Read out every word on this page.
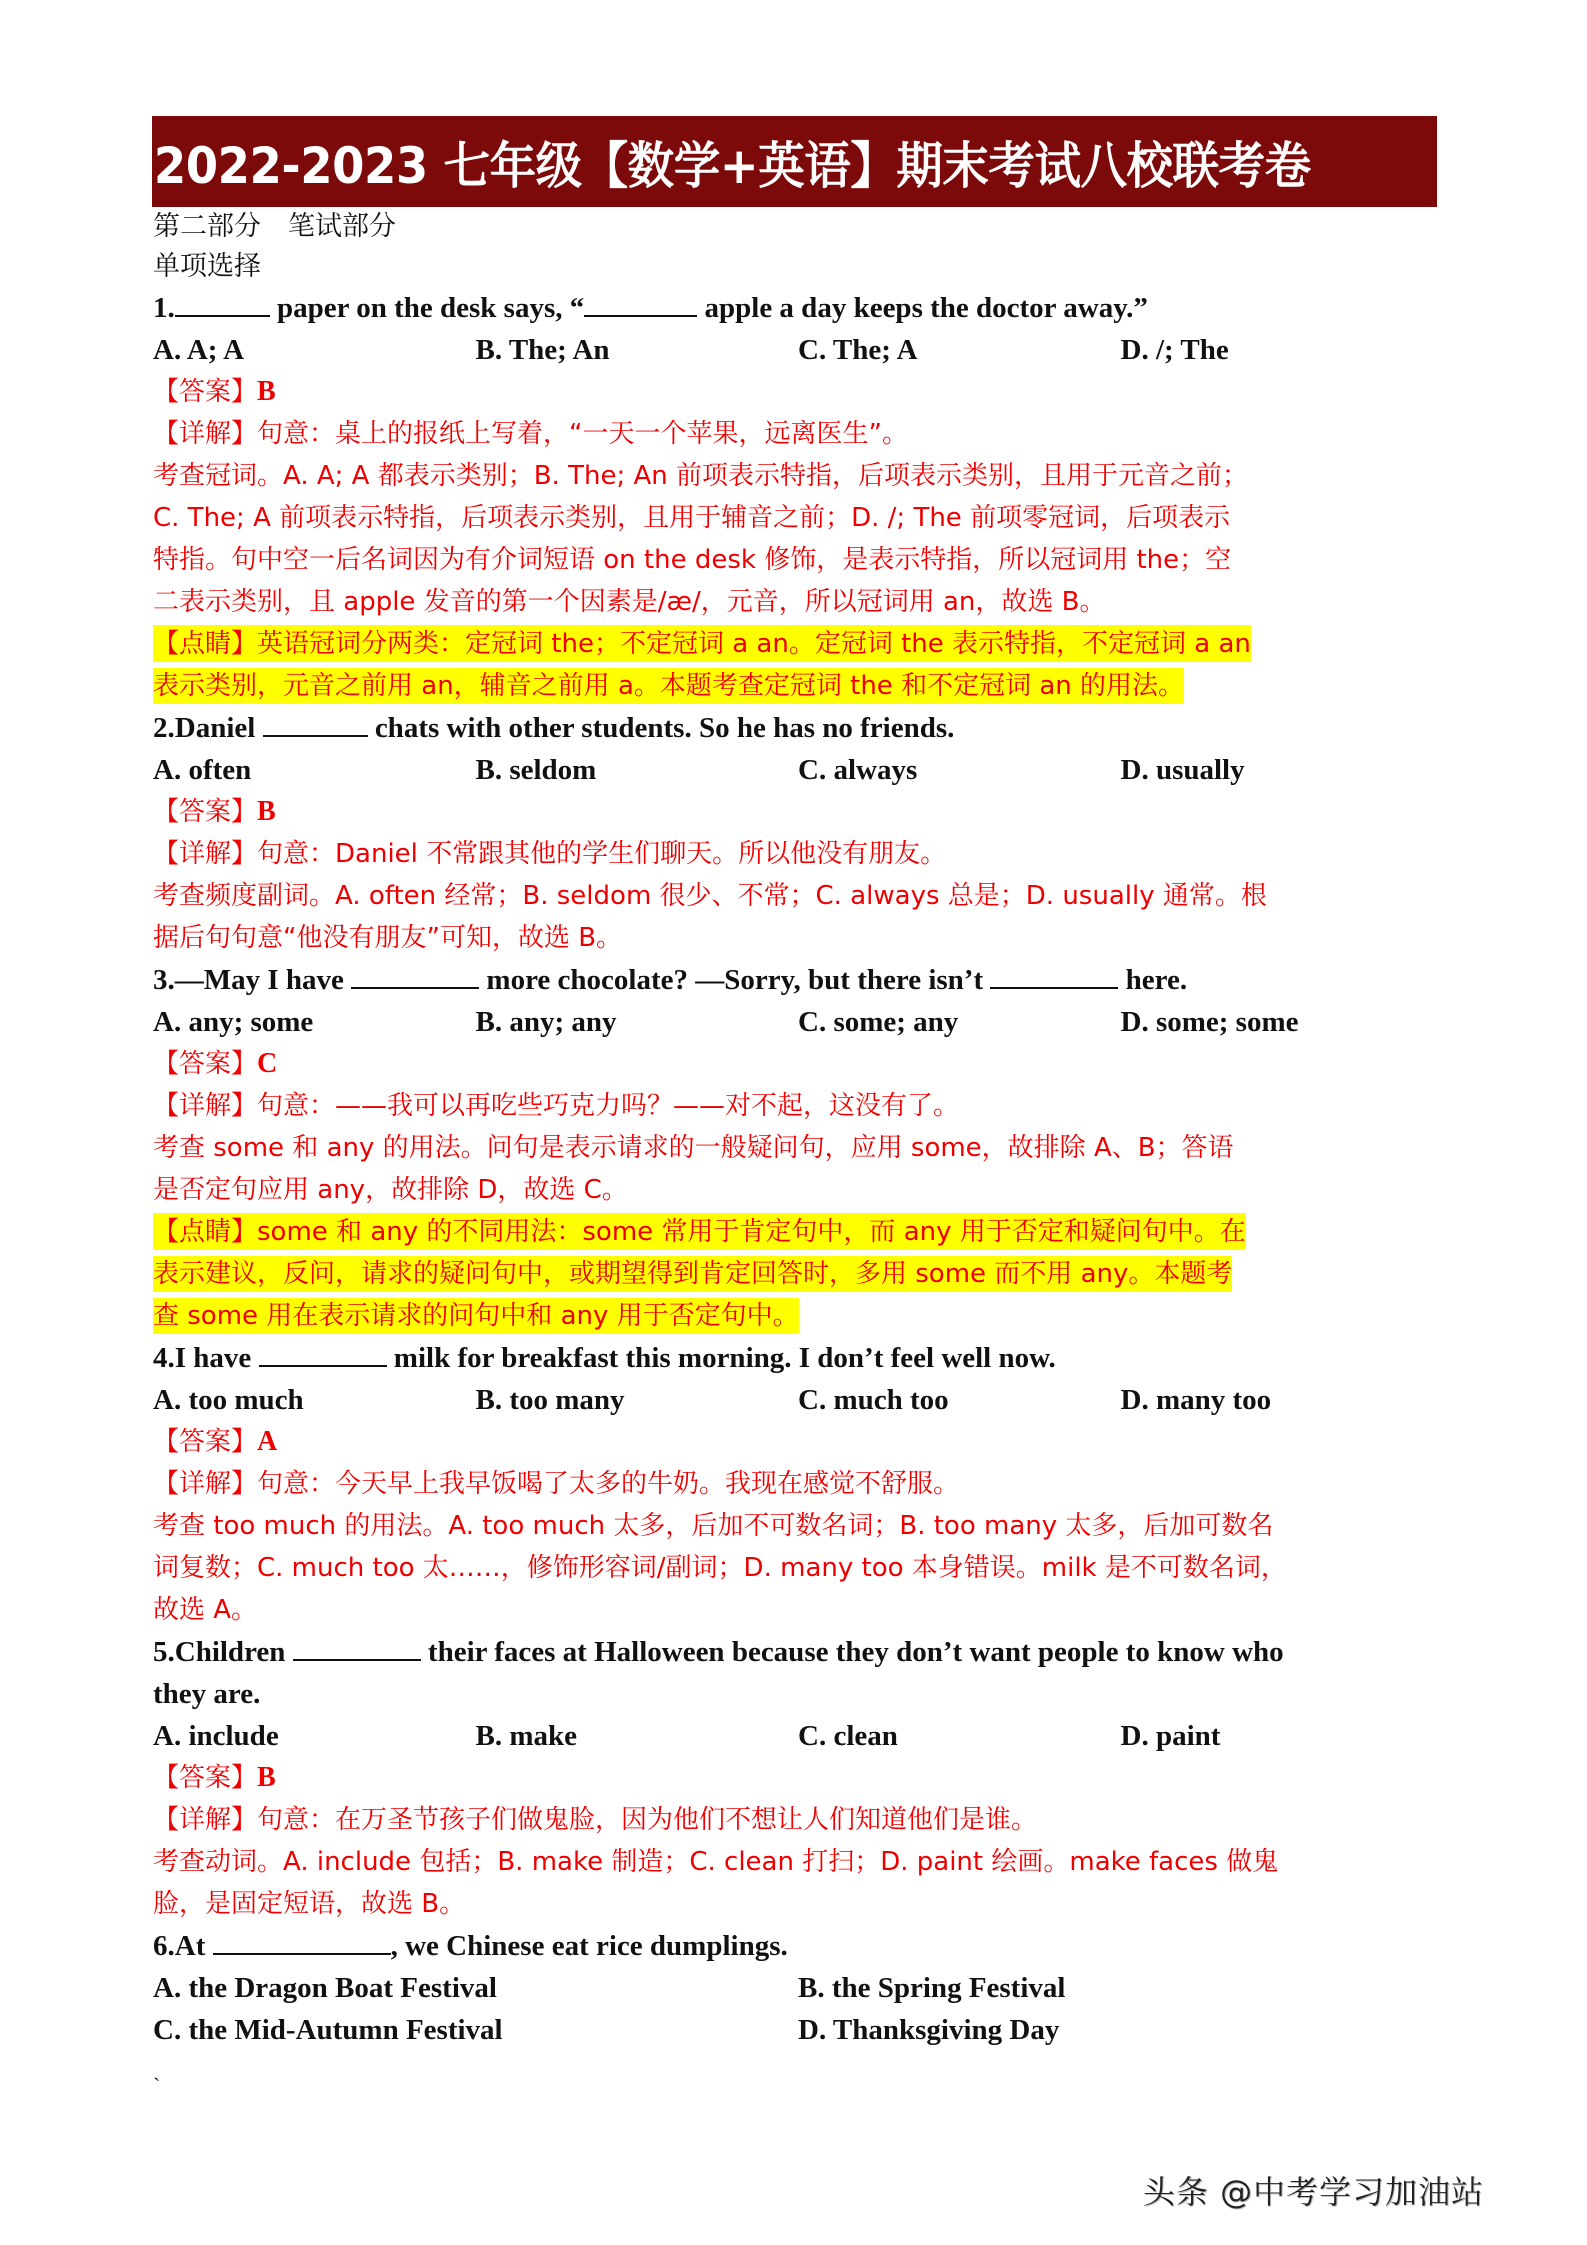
2022-2023 七年级【数学+英语】期末考试八校联考卷
第二部分　笔试部分
单项选择
1.	paper on the desk says, “	apple a day keeps the doctor away.”
A. A; A	B. The; An	C. The; A	D. /; The
【答案】B
【详解】句意：桌上的报纸上写着，“一天一个苹果，远离医生”。
考查冠词。A. A; A 都表示类别；B. The; An 前项表示特指，后项表示类别，且用于元音之前；
C. The; A 前项表示特指，后项表示类别，且用于辅音之前；D. /; The 前项零冠词，后项表示
特指。句中空一后名词因为有介词短语 on the desk 修饰，是表示特指，所以冠词用 the；空
二表示类别，且 apple 发音的第一个因素是/æ/，元音，所以冠词用 an，故选 B。
【点睛】英语冠词分两类：定冠词 the；不定冠词 a an。定冠词 the 表示特指，不定冠词 a an
表示类别，元音之前用 an，辅音之前用 a。本题考查定冠词 the 和不定冠词 an 的用法。
2.Daniel	chats with other students. So he has no friends.
A. often	B. seldom	C. always	D. usually
【答案】B
【详解】句意：Daniel 不常跟其他的学生们聊天。所以他没有朋友。
考查频度副词。A. often 经常；B. seldom 很少、不常；C. always 总是；D. usually 通常。根
据后句句意“他没有朋友”可知，故选 B。
3.—May I have	more chocolate? —Sorry, but there isn’t	here.
A. any; some	B. any; any	C. some; any	D. some; some
【答案】C
【详解】句意：——我可以再吃些巧克力吗？——对不起，这没有了。
考查 some 和 any 的用法。问句是表示请求的一般疑问句，应用 some，故排除 A、B；答语
是否定句应用 any，故排除 D，故选 C。
【点睛】some 和 any 的不同用法：some 常用于肯定句中，而 any 用于否定和疑问句中。在
表示建议，反问，请求的疑问句中，或期望得到肯定回答时，多用 some 而不用 any。本题考
查 some 用在表示请求的问句中和 any 用于否定句中。
4.I have	milk for breakfast this morning. I don’t feel well now.
A. too much	B. too many	C. much too	D. many too
【答案】A
【详解】句意：今天早上我早饭喝了太多的牛奶。我现在感觉不舒服。
考查 too much 的用法。A. too much 太多，后加不可数名词；B. too many 太多，后加可数名
词复数；C. much too 太……，修饰形容词/副词；D. many too 本身错误。milk 是不可数名词，
故选 A。
5.Children	their faces at Halloween because they don’t want people to know who
they are.
A. include	B. make	C. clean	D. paint
【答案】B
【详解】句意：在万圣节孩子们做鬼脸，因为他们不想让人们知道他们是谁。
考查动词。A. include 包括；B. make 制造；C. clean 打扫；D. paint 绘画。make faces 做鬼
脸，是固定短语，故选 B。
6.At	, we Chinese eat rice dumplings.
A. the Dragon Boat Festival	B. the Spring Festival
C. the Mid-Autumn Festival	D. Thanksgiving Day
`
头条 @中考学习加油站
